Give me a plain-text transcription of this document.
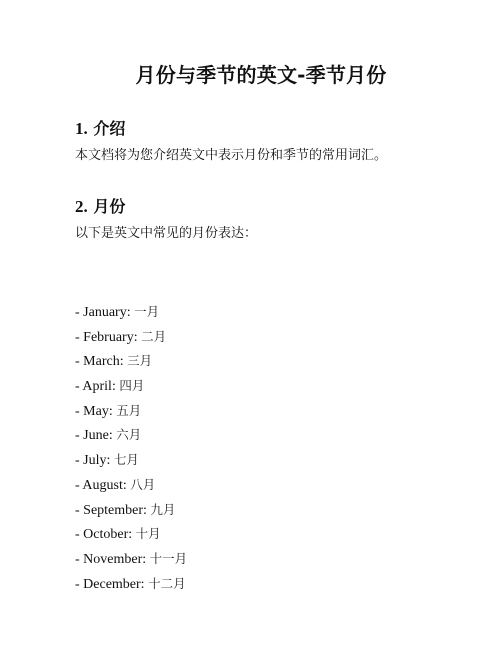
月份与季节的英文-季节月份
1. 介绍
本文档将为您介绍英文中表示月份和季节的常用词汇。
2. 月份
以下是英文中常见的月份表达：
- January: 一月
- February: 二月
- March: 三月
- April: 四月
- May: 五月
- June: 六月
- July: 七月
- August: 八月
- September: 九月
- October: 十月
- November: 十一月
- December: 十二月
